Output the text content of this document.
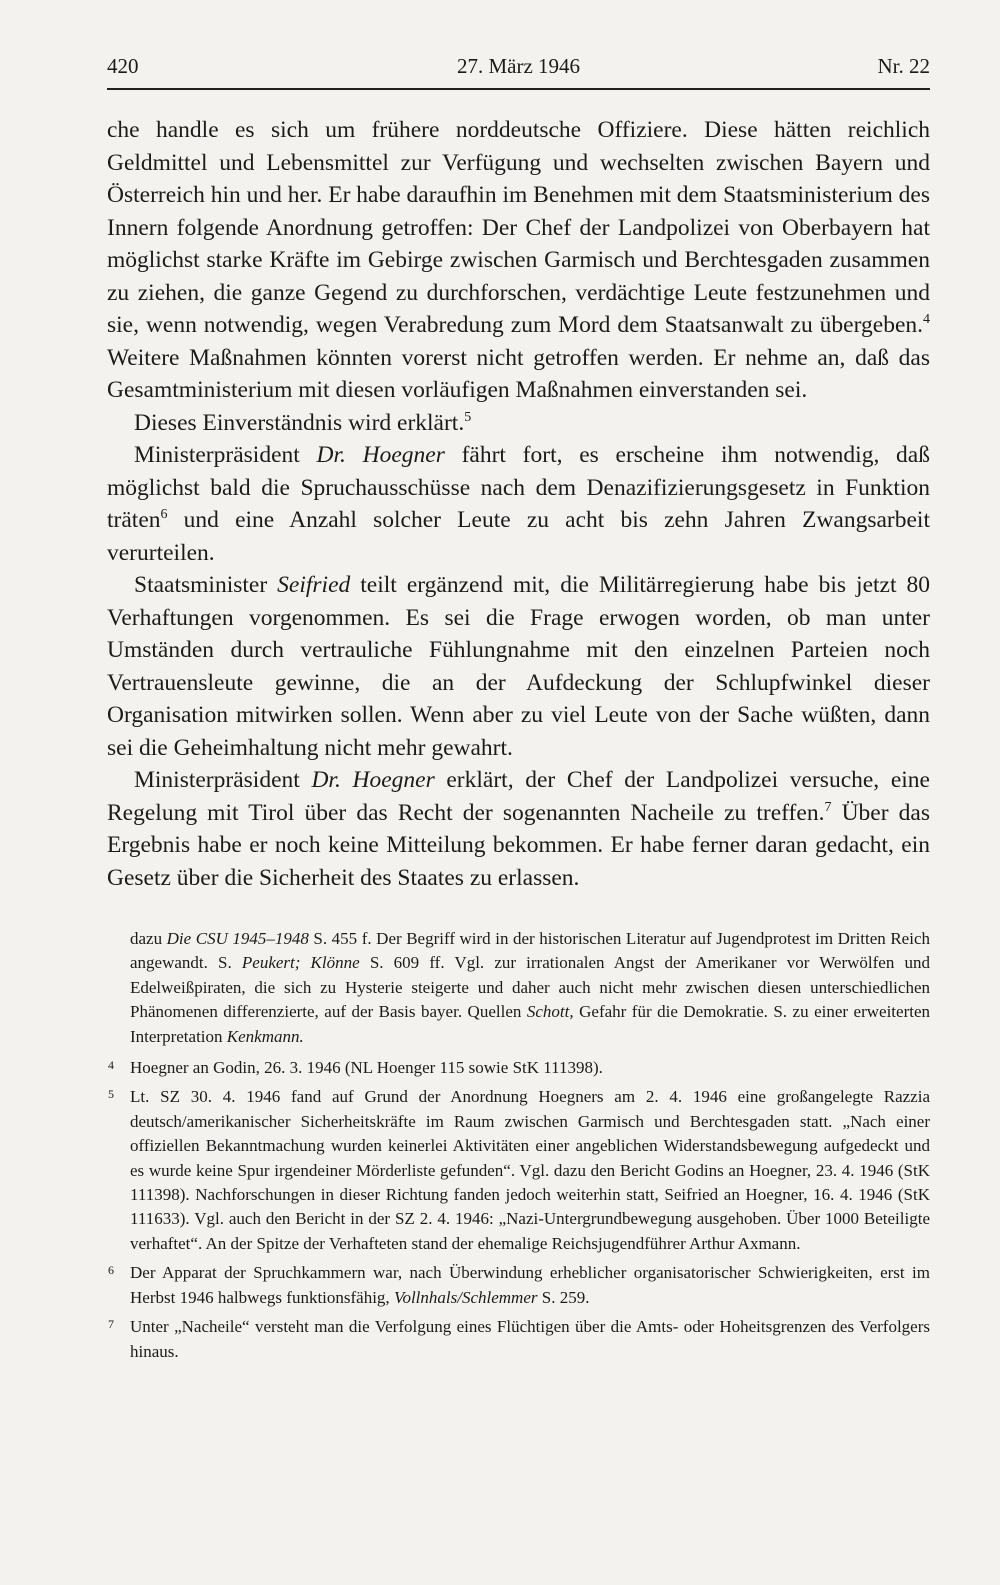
420	27. März 1946	Nr. 22

che handle es sich um frühere norddeutsche Offiziere. Diese hätten reichlich Geldmittel und Lebensmittel zur Verfügung und wechselten zwischen Bayern und Österreich hin und her. Er habe daraufhin im Benehmen mit dem Staatsministerium des Innern folgende Anordnung getroffen: Der Chef der Landpolizei von Oberbayern hat möglichst starke Kräfte im Gebirge zwischen Garmisch und Berchtesgaden zusammen zu ziehen, die ganze Gegend zu durchforschen, verdächtige Leute festzunehmen und sie, wenn notwendig, wegen Verabredung zum Mord dem Staatsanwalt zu übergeben.$^4$ Weitere Maßnahmen könnten vorerst nicht getroffen werden. Er nehme an, daß das Gesamtministerium mit diesen vorläufigen Maßnahmen einverstanden sei.

Dieses Einverständnis wird erklärt.$^5$

Ministerpräsident Dr. Hoegner fährt fort, es erscheine ihm notwendig, daß möglichst bald die Spruchausschüsse nach dem Denazifizierungsgesetz in Funktion träten$^6$ und eine Anzahl solcher Leute zu acht bis zehn Jahren Zwangsarbeit verurteilen.

Staatsminister Seifried teilt ergänzend mit, die Militärregierung habe bis jetzt 80 Verhaftungen vorgenommen. Es sei die Frage erwogen worden, ob man unter Umständen durch vertrauliche Fühlungnahme mit den einzelnen Parteien noch Vertrauensleute gewinne, die an der Aufdeckung der Schlupfwinkel dieser Organisation mitwirken sollen. Wenn aber zu viel Leute von der Sache wüßten, dann sei die Geheimhaltung nicht mehr gewahrt.

Ministerpräsident Dr. Hoegner erklärt, der Chef der Landpolizei versuche, eine Regelung mit Tirol über das Recht der sogenannten Nacheile zu treffen.$^7$ Über das Ergebnis habe er noch keine Mitteilung bekommen. Er habe ferner daran gedacht, ein Gesetz über die Sicherheit des Staates zu erlassen.

dazu Die CSU 1945–1948 S. 455 f. Der Begriff wird in der historischen Literatur auf Jugendprotest im Dritten Reich angewandt. S. Peukert; Klönne S. 609 ff. Vgl. zur irrationalen Angst der Amerikaner vor Werwölfen und Edelweißpiraten, die sich zu Hysterie steigerte und daher auch nicht mehr zwischen diesen unterschiedlichen Phänomenen differenzierte, auf der Basis bayer. Quellen Schott, Gefahr für die Demokratie. S. zu einer erweiterten Interpretation Kenkmann.

4 Hoegner an Godin, 26. 3. 1946 (NL Hoenger 115 sowie StK 111398).

5 Lt. SZ 30. 4. 1946 fand auf Grund der Anordnung Hoegners am 2. 4. 1946 eine großangelegte Razzia deutsch/amerikanischer Sicherheitskräfte im Raum zwischen Garmisch und Berchtesgaden statt. „Nach einer offiziellen Bekanntmachung wurden keinerlei Aktivitäten einer angeblichen Widerstandsbewegung aufgedeckt und es wurde keine Spur irgendeiner Mörderliste gefunden“. Vgl. dazu den Bericht Godins an Hoegner, 23. 4. 1946 (StK 111398). Nachforschungen in dieser Richtung fanden jedoch weiterhin statt, Seifried an Hoegner, 16. 4. 1946 (StK 111633). Vgl. auch den Bericht in der SZ 2. 4. 1946: „Nazi-Untergrundbewegung ausgehoben. Über 1000 Beteiligte verhaftet“. An der Spitze der Verhafteten stand der ehemalige Reichsjugendführer Arthur Axmann.

6 Der Apparat der Spruchkammern war, nach Überwindung erheblicher organisatorischer Schwierigkeiten, erst im Herbst 1946 halbwegs funktionsfähig, Vollnhals/Schlemmer S. 259.

7 Unter „Nacheile“ versteht man die Verfolgung eines Flüchtigen über die Amts- oder Hoheitsgrenzen des Verfolgers hinaus.
